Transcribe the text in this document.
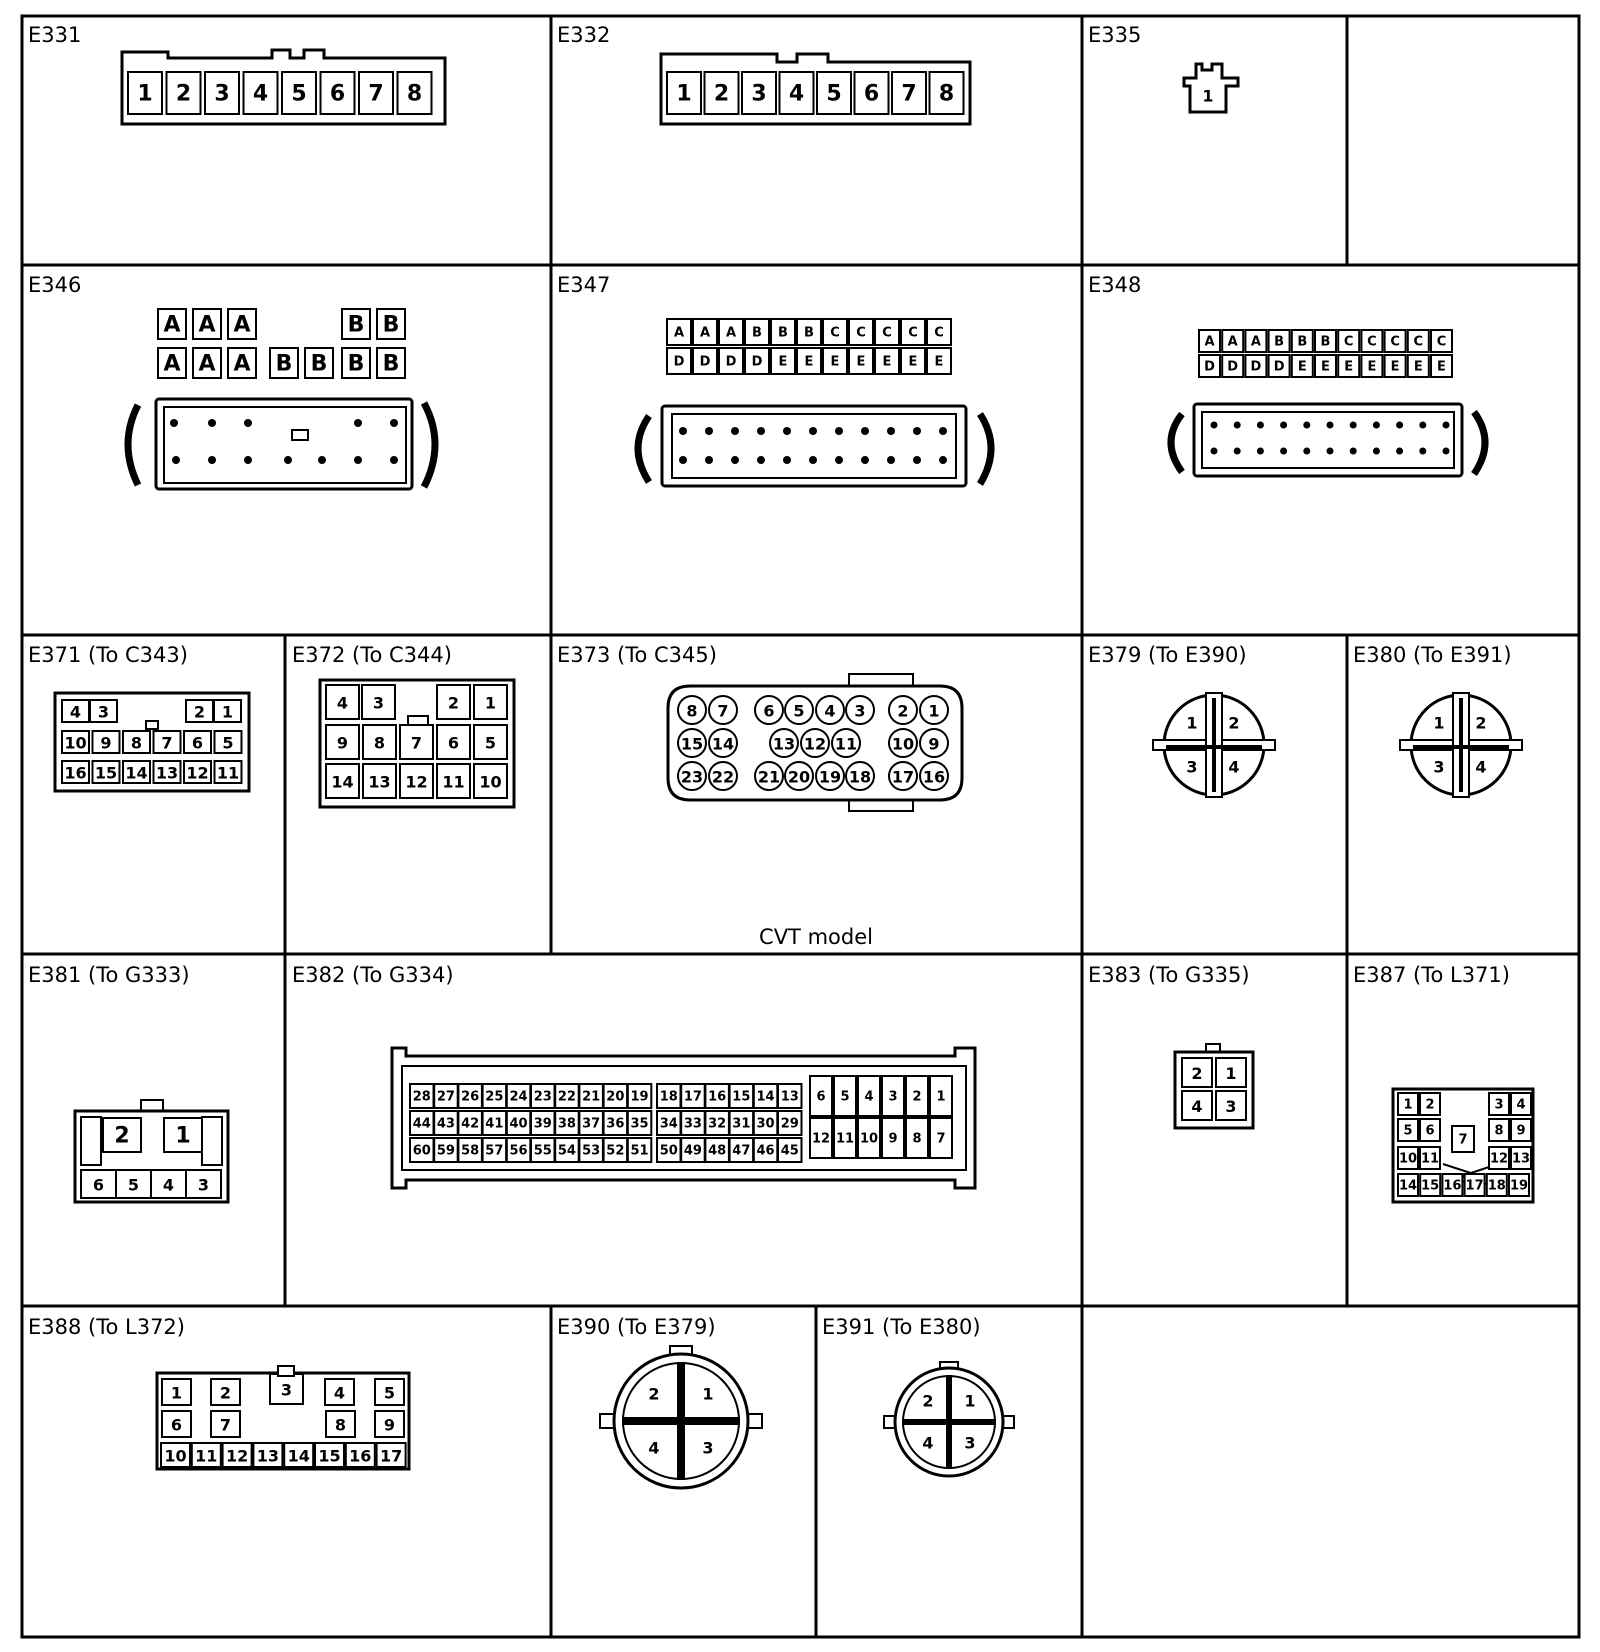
E331	E332	E335
E346	E347	E348
E371 (To C343)	E372 (To C344)	E373 (To C345)	E379 (To E390)	E380 (To E391)
E381 (To G333)	E382 (To G334)	E383 (To G335)	E387 (To L371)
E388 (To L372)	E390 (To E379)	E391 (To E380)
CVT model
1 2 3 4 5 6 7 8	1 2 3 4 5 6 7 8	1
A A A	B B
A A A B B B B
A A A B B B C C C C C
D D D D E E E E E E E
A A A B B B C C C C C
D D D D E E E E E E E
4 3	2 1
10 9 8 7 6 5
16 15 14 13 12 11
4 3	2 1
9 8 7 6 5
14 13 12 11 10
8 7 6 5 4 3 2 1
15 14 13 12 11 10 9
23 22 21 20 19 18 17 16
1 2
3 4
1 2
3 4
2 1
6 5 4 3
28 27 26 25 24 23 22 21 20 19
44 43 42 41 40 39 38 37 36 35
60 59 58 57 56 55 54 53 52 51
18 17 16 15 14 13
34 33 32 31 30 29
50 49 48 47 46 45
6 5 4 3 2 1
12 11 10 9 8 7
2 1
4 3	1 2	3 4
5 6	8 9
7
10 11	12 13
14 15 16 17 18 19
1 2	4 5
3
6 7	8 9
10 11 12 13 14 15 16 17
2	1
4	3
2 1
4 3
